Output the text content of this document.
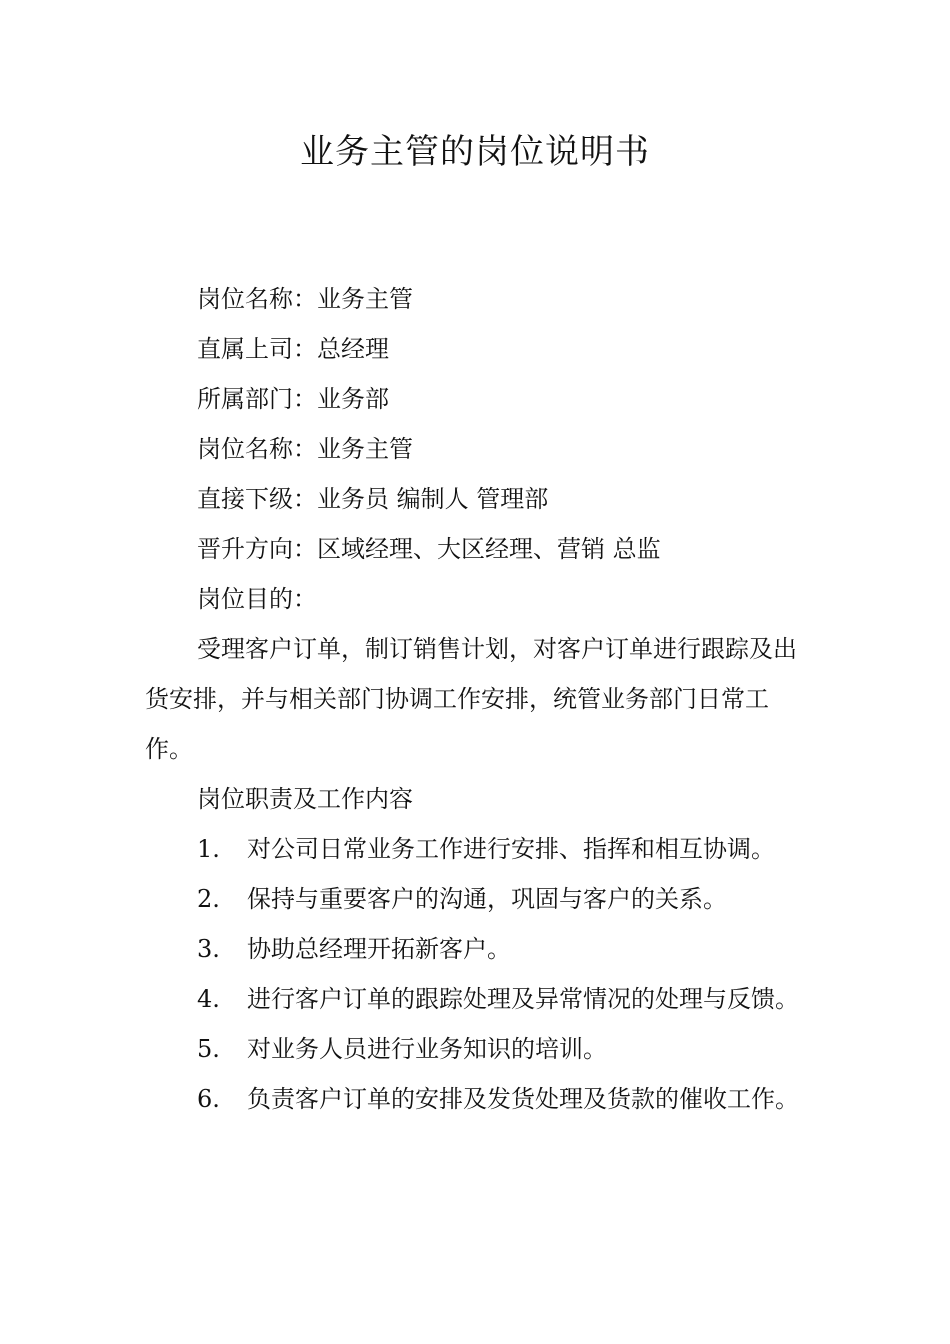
业务主管的岗位说明书

岗位名称：业务主管

直属上司：总经理

所属部门：业务部

岗位名称：业务主管

直接下级：业务员 编制人 管理部

晋升方向：区域经理、大区经理、营销 总监

岗位目的：

受理客户订单，制订销售计划，对客户订单进行跟踪及出货安排，并与相关部门协调工作安排，统管业务部门日常工作。

岗位职责及工作内容

1. 对公司日常业务工作进行安排、指挥和相互协调。

2. 保持与重要客户的沟通，巩固与客户的关系。

3. 协助总经理开拓新客户。

4. 进行客户订单的跟踪处理及异常情况的处理与反馈。

5. 对业务人员进行业务知识的培训。

6. 负责客户订单的安排及发货处理及货款的催收工作。
